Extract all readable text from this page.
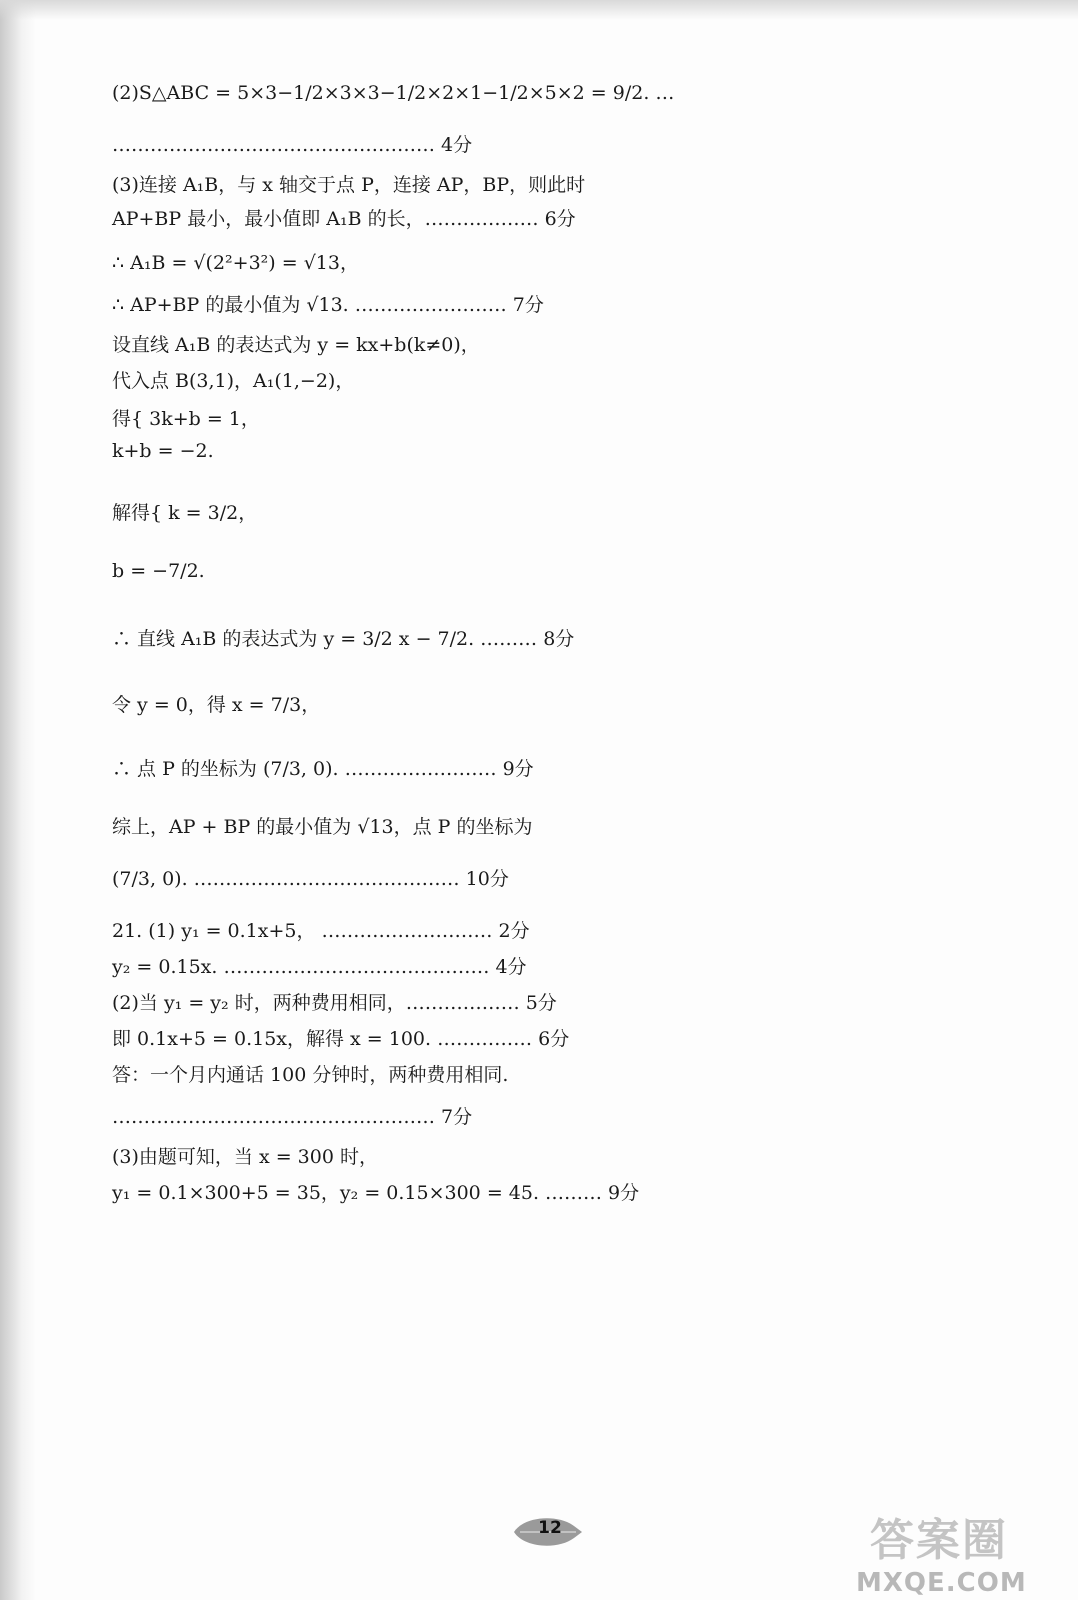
(2)S△ABC = 5×3−1/2×3×3−1/2×2×1−1/2×5×2 = 9/2. …
…………………………………………… 4分
(3)连接 A₁B，与 x 轴交于点 P，连接 AP，BP，则此时
AP+BP 最小，最小值即 A₁B 的长，……………… 6分
∴ A₁B = √(2²+3²) = √13，
∴ AP+BP 的最小值为 √13. …………………… 7分
设直线 A₁B 的表达式为 y = kx+b(k≠0)，
代入点 B(3,1)，A₁(1,−2)，
得{ 3k+b = 1，
k+b = −2.
解得{ k = 3/2，
b = −7/2.
∴ 直线 A₁B 的表达式为 y = 3/2 x − 7/2. ……… 8分
令 y = 0，得 x = 7/3，
∴ 点 P 的坐标为 (7/3, 0). …………………… 9分
综上，AP + BP 的最小值为 √13，点 P 的坐标为
(7/3, 0). …………………………………… 10分
21. (1) y₁ = 0.1x+5， ……………………… 2分
y₂ = 0.15x. …………………………………… 4分
(2)当 y₁ = y₂ 时，两种费用相同，……………… 5分
即 0.1x+5 = 0.15x，解得 x = 100. …………… 6分
答：一个月内通话 100 分钟时，两种费用相同.
…………………………………………… 7分
(3)由题可知，当 x = 300 时，
y₁ = 0.1×300+5 = 35，y₂ = 0.15×300 = 45. ……… 9分
12	答案圈
MXQE.COM
